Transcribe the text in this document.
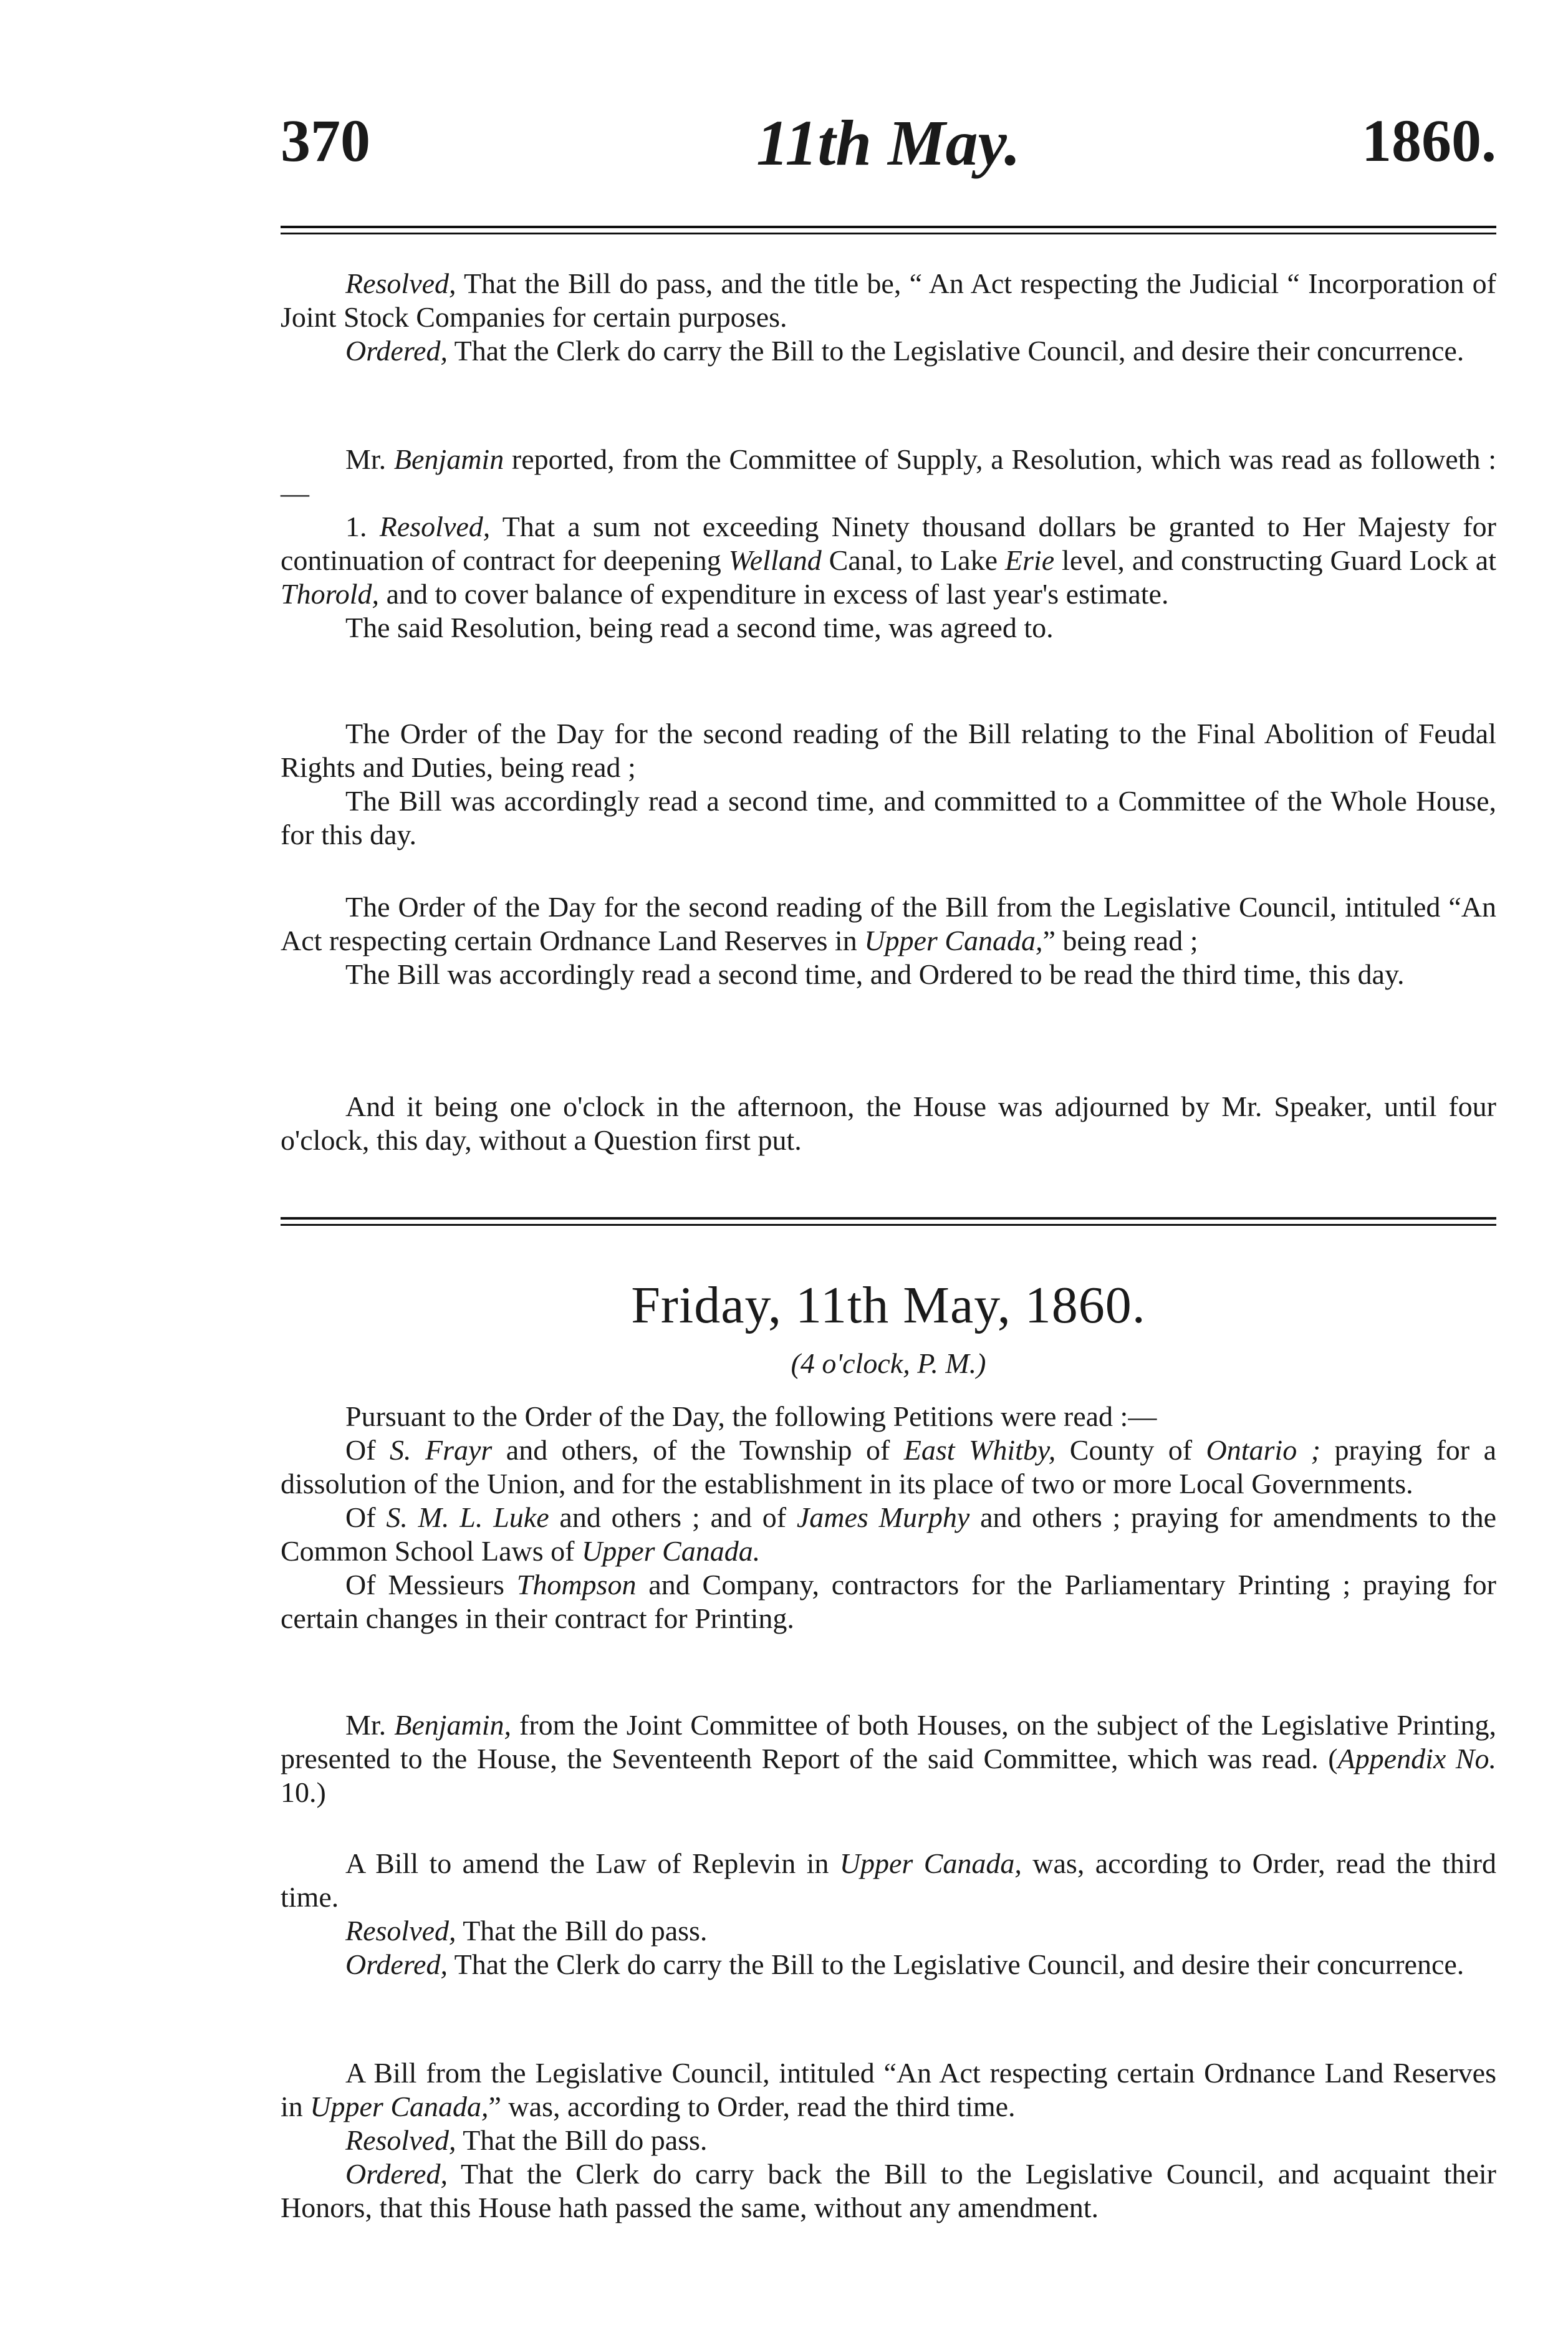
370	11th May.	1860.

Resolved, That the Bill do pass, and the title be, “ An Act respecting the Judicial “ Incorporation of Joint Stock Companies for certain purposes.

Ordered, That the Clerk do carry the Bill to the Legislative Council, and desire their concurrence.

Mr. Benjamin reported, from the Committee of Supply, a Resolution, which was read as followeth :—

1. Resolved, That a sum not exceeding Ninety thousand dollars be granted to Her Majesty for continuation of contract for deepening Welland Canal, to Lake Erie level, and constructing Guard Lock at Thorold, and to cover balance of expenditure in excess of last year's estimate.

The said Resolution, being read a second time, was agreed to.

The Order of the Day for the second reading of the Bill relating to the Final Abolition of Feudal Rights and Duties, being read ;

The Bill was accordingly read a second time, and committed to a Committee of the Whole House, for this day.

The Order of the Day for the second reading of the Bill from the Legislative Council, intituled “An Act respecting certain Ordnance Land Reserves in Upper Canada,” being read ;

The Bill was accordingly read a second time, and Ordered to be read the third time, this day.

And it being one o'clock in the afternoon, the House was adjourned by Mr. Speaker, until four o'clock, this day, without a Question first put.

Friday, 11th May, 1860.
(4 o'clock, P. M.)

Pursuant to the Order of the Day, the following Petitions were read :—

Of S. Frayr and others, of the Township of East Whitby, County of Ontario ; praying for a dissolution of the Union, and for the establishment in its place of two or more Local Governments.

Of S. M. L. Luke and others ; and of James Murphy and others ; praying for amendments to the Common School Laws of Upper Canada.

Of Messieurs Thompson and Company, contractors for the Parliamentary Printing ; praying for certain changes in their contract for Printing.

Mr. Benjamin, from the Joint Committee of both Houses, on the subject of the Legislative Printing, presented to the House, the Seventeenth Report of the said Committee, which was read. (Appendix No. 10.)

A Bill to amend the Law of Replevin in Upper Canada, was, according to Order, read the third time.

Resolved, That the Bill do pass.

Ordered, That the Clerk do carry the Bill to the Legislative Council, and desire their concurrence.

A Bill from the Legislative Council, intituled “An Act respecting certain Ordnance Land Reserves in Upper Canada,” was, according to Order, read the third time.

Resolved, That the Bill do pass.

Ordered, That the Clerk do carry back the Bill to the Legislative Council, and acquaint their Honors, that this House hath passed the same, without any amendment.
